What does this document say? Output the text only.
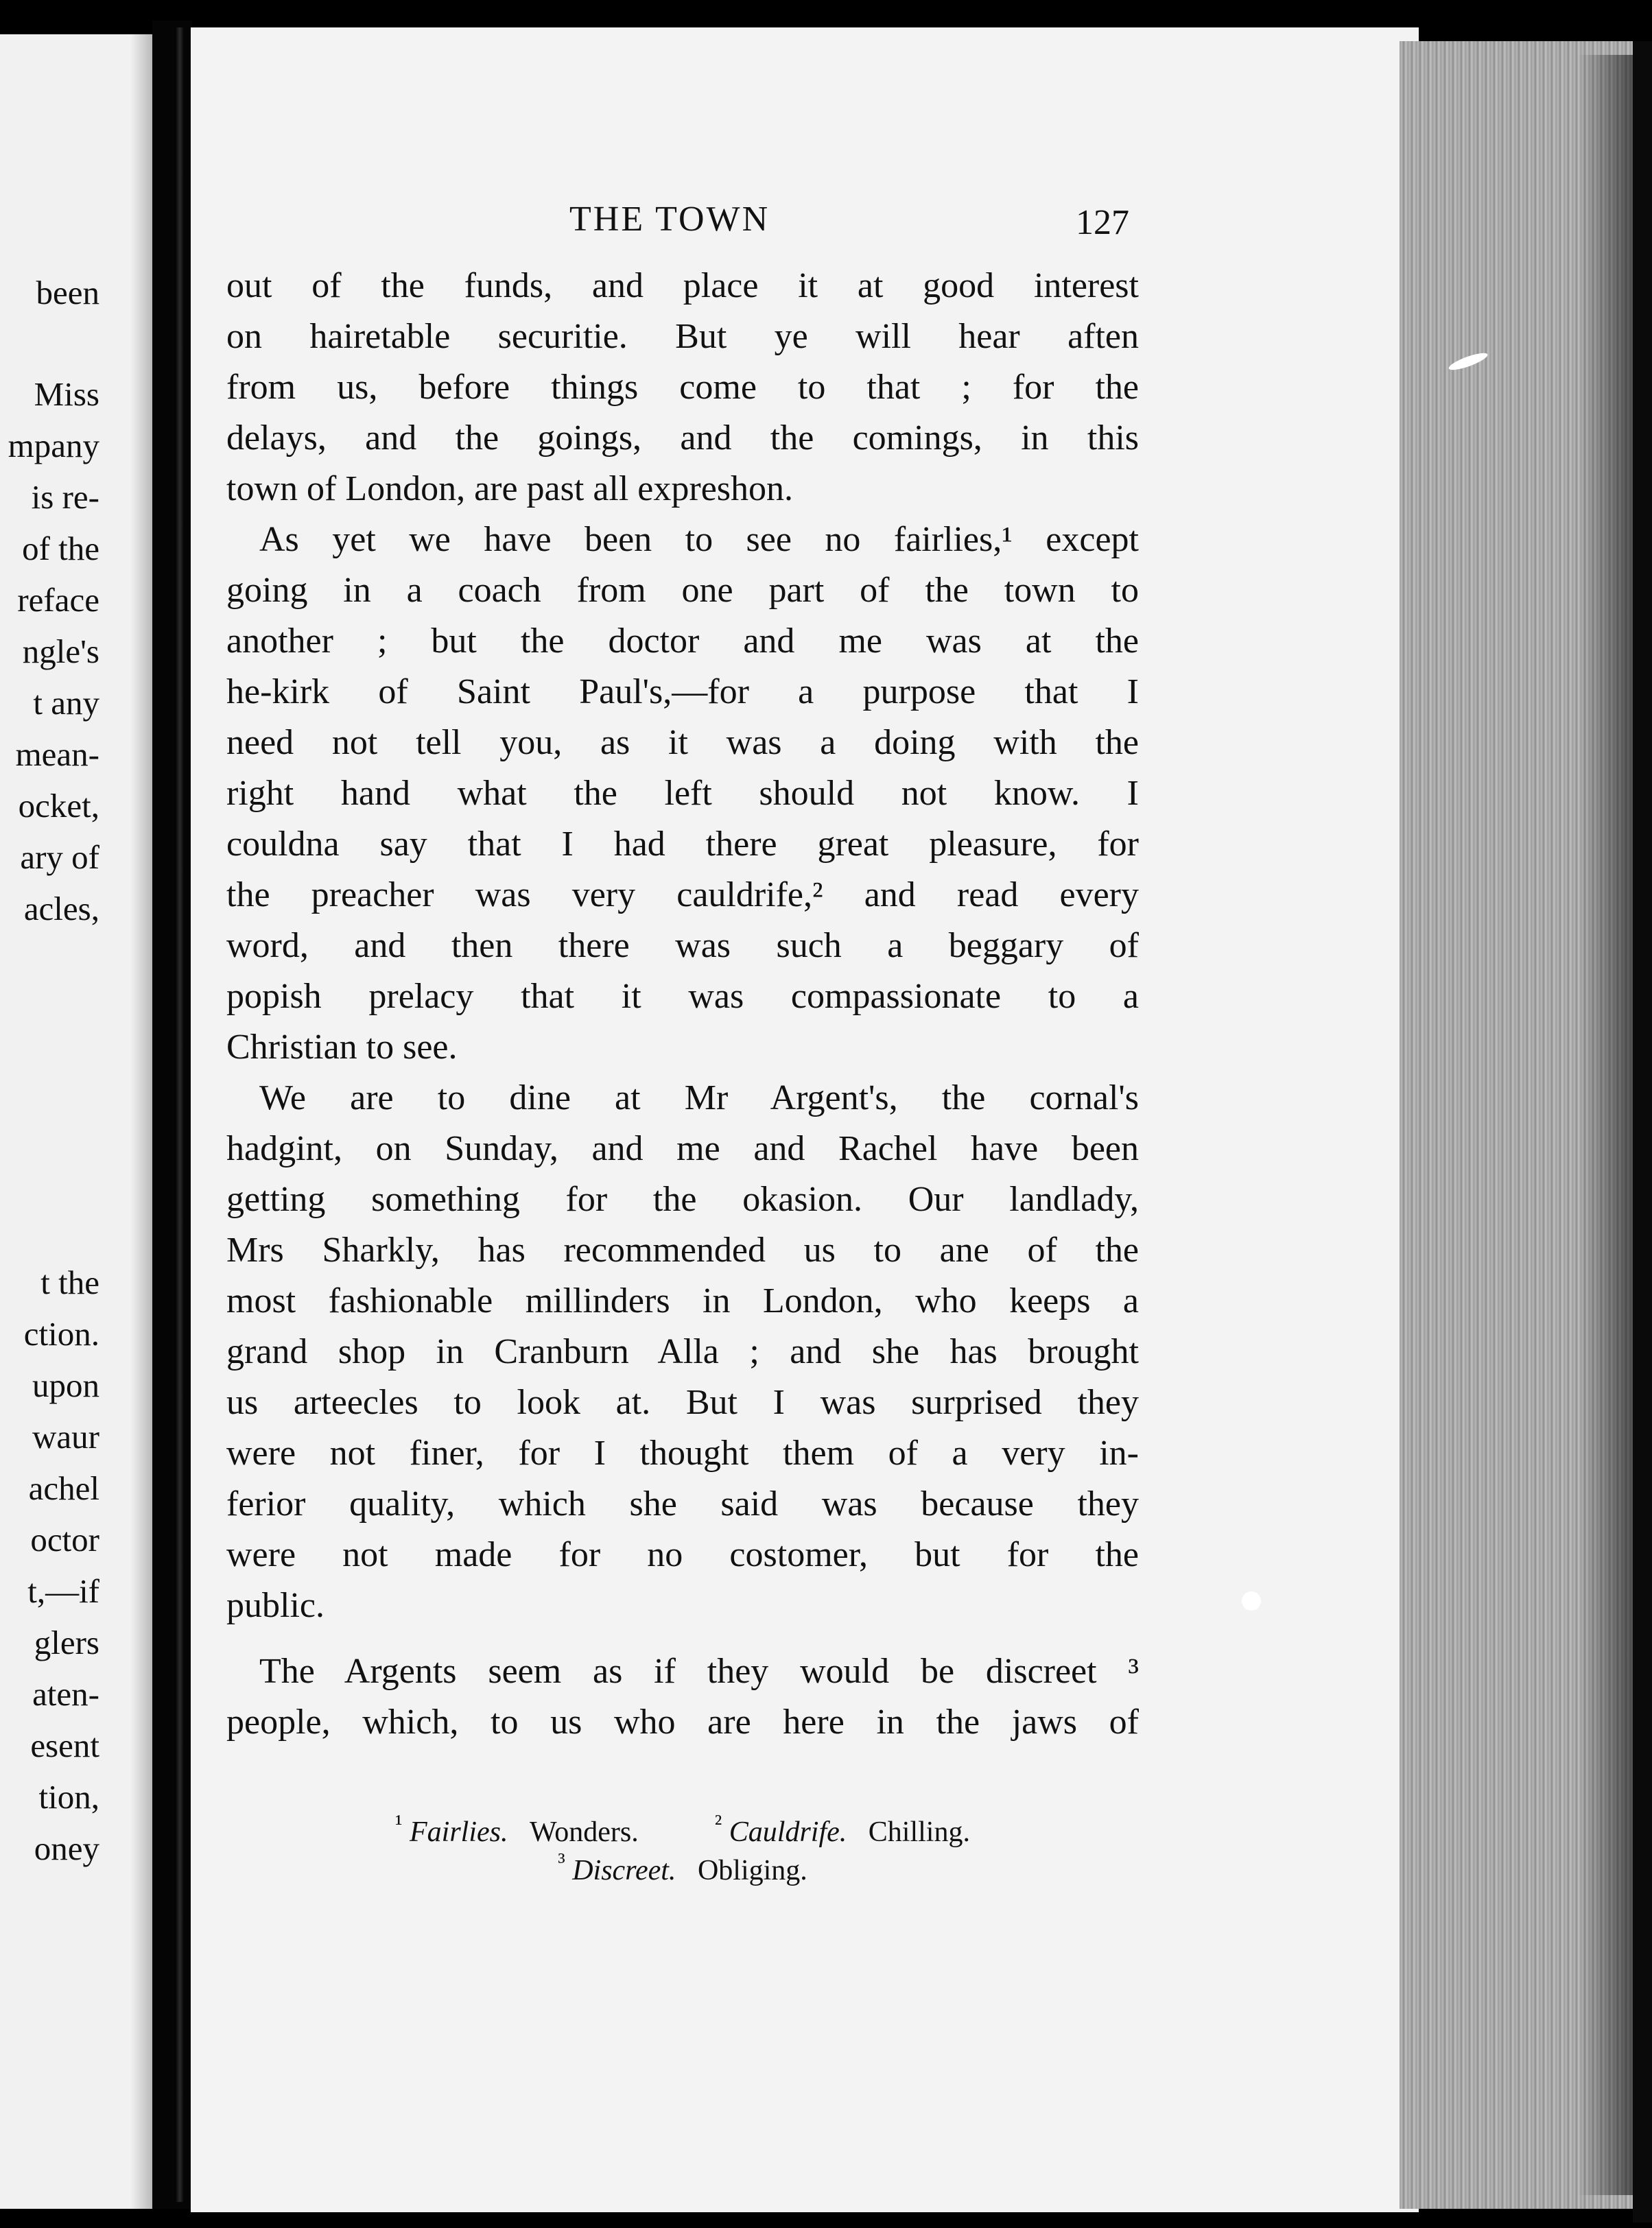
been

Miss

mpany

is re-

of the

reface

ngle's

t any

mean-

ocket,

ary of

acles,

t the

ction.

upon

waur

achel

octor

t,—if

glers

aten-

esent

tion,

oney

THE TOWN	127

out of the funds, and place it at good interest

on hairetable securitie. But ye will hear aften

from us, before things come to that ; for the

delays, and the goings, and the comings, in this

town of London, are past all expreshon.

As yet we have been to see no fairlies,¹ except

going in a coach from one part of the town to

another ; but the doctor and me was at the

he-kirk of Saint Paul's,—for a purpose that I

need not tell you, as it was a doing with the

right hand what the left should not know. I

couldna say that I had there great pleasure, for

the preacher was very cauldrife,² and read every

word, and then there was such a beggary of

popish prelacy that it was compassionate to a

Christian to see.

We are to dine at Mr Argent's, the cornal's

hadgint, on Sunday, and me and Rachel have been

getting something for the okasion. Our landlady,

Mrs Sharkly, has recommended us to ane of the

most fashionable millinders in London, who keeps a

grand shop in Cranburn Alla ; and she has brought

us arteecles to look at. But I was surprised they

were not finer, for I thought them of a very in-

ferior quality, which she said was because they

were not made for no costomer, but for the

public.

The Argents seem as if they would be discreet ³

people, which, to us who are here in the jaws of

$^{^1}$ Fairlies. Wonders.	$^{^2}$ Cauldrife. Chilling.

$^{^3}$ Discreet. Obliging.
